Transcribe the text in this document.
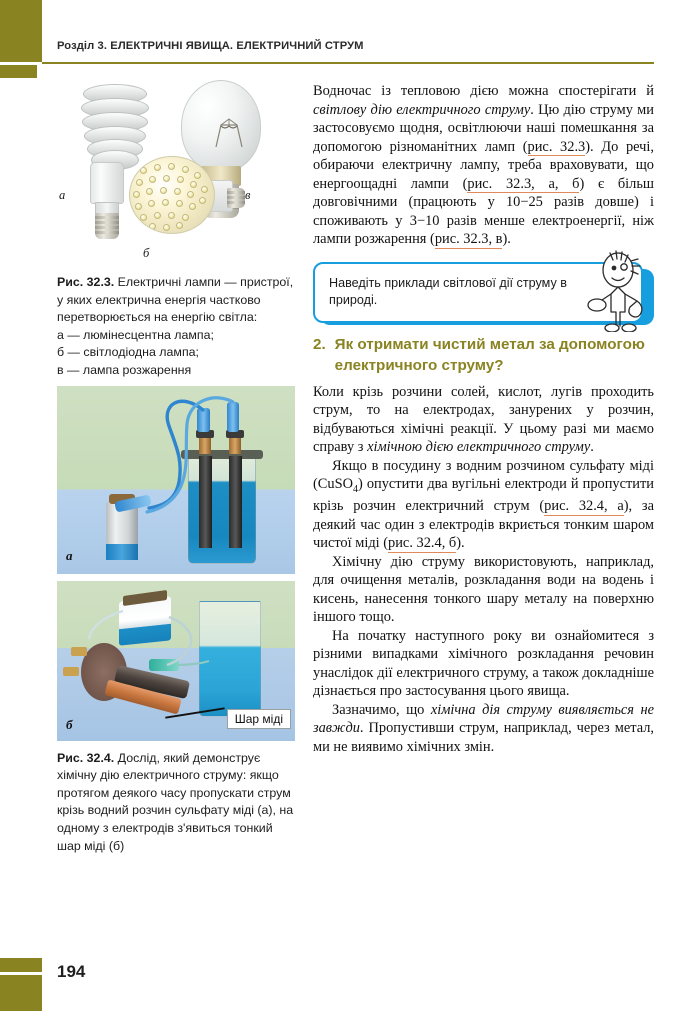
Розділ 3. ЕЛЕКТРИЧНІ ЯВИЩА. ЕЛЕКТРИЧНИЙ СТРУМ
194
а
б
в
Рис. 32.3. Електричні лампи — пристрої, у яких електрична енергія частково перетворюється на енергію світла:
а — люмінесцентна лампа;
б — світлодіодна лампа;
в — лампа розжарення
а
Шар міді
б
Рис. 32.4. Дослід, який демонструє хімічну дію електричного струму: якщо протягом деякого часу пропускати струм крізь водний розчин сульфату міді (а), на одному з електродів з'явиться тонкий шар міді (б)

Водночас із тепловою дією можна спостерігати й світлову дію електричного струму. Цю дію струму ми застосовуємо щодня, освітлюючи наші помешкання за допомогою різноманітних ламп (рис. 32.3). До речі, обираючи електричну лампу, треба враховувати, що енергоощадні лампи (рис. 32.3, а, б) є більш довговічними (працюють у 10−25 разів довше) і споживають у 3−10 разів менше електроенергії, ніж лампи розжарення (рис. 32.3, в).

Наведіть приклади світлової дії струму в природі.
2. Як отримати чистий метал за допомогою електричного струму?

Коли крізь розчини солей, кислот, лугів проходить струм, то на електродах, занурених у розчин, відбуваються хімічні реакції. У цьому разі ми маємо справу з хімічною дією електричного струму.

Якщо в посудину з водним розчином сульфату міді (CuSO$_4$) опустити два вугільні електроди й пропустити крізь розчин електричний струм (рис. 32.4, а), за деякий час один з електродів вкриється тонким шаром чистої міді (рис. 32.4, б).

Хімічну дію струму використовують, наприклад, для очищення металів, розкладання води на водень і кисень, нанесення тонкого шару металу на поверхню іншого тощо.

На початку наступного року ви ознайомитеся з різними випадками хімічного розкладання речовин унаслідок дії електричного струму, а також докладніше дізнається про застосування цього явища.

Зазначимо, що хімічна дія струму виявляється не завжди. Пропустивши струм, наприклад, через метал, ми не виявимо хімічних змін.
